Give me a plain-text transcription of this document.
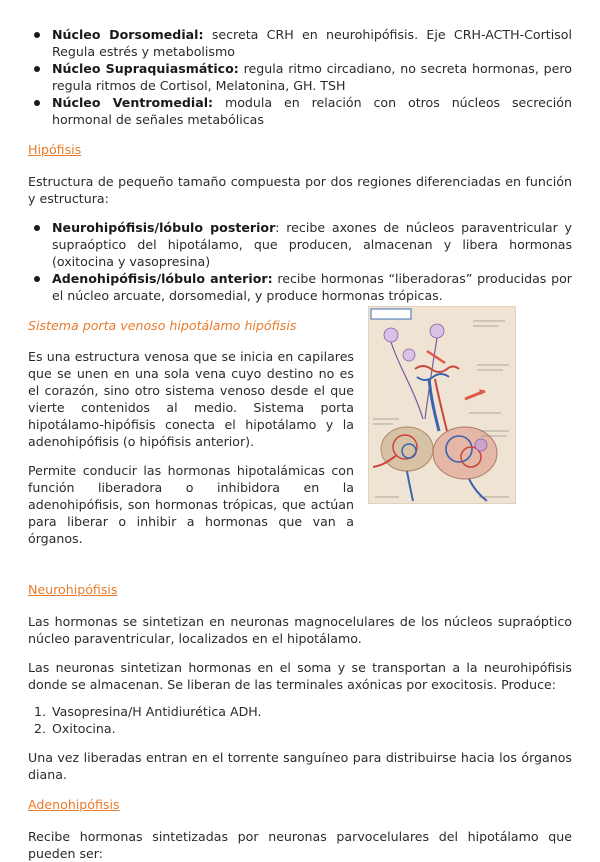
Núcleo Dorsomedial: secreta CRH en neurohipófisis. Eje CRH-ACTH-Cortisol Regula estrés y metabolismo
Núcleo Supraquiasmático: regula ritmo circadiano, no secreta hormonas, pero regula ritmos de Cortisol, Melatonina, GH. TSH
Núcleo Ventromedial: modula en relación con otros núcleos secreción hormonal de señales metabólicas

Hipófisis

Estructura de pequeño tamaño compuesta por dos regiones diferenciadas en función y estructura:

Neurohipófisis/lóbulo posterior: recibe axones de núcleos paraventricular y supraóptico del hipotálamo, que producen, almacenan y libera hormonas (oxitocina y vasopresina)
Adenohipófisis/lóbulo anterior: recibe hormonas “liberadoras” producidas por el núcleo arcuate, dorsomedial, y produce hormonas trópicas.

Sistema porta venoso hipotálamo hipófisis

Es una estructura venosa que se inicia en capilares que se unen en una sola vena cuyo destino no es el corazón, sino otro sistema venoso desde el que vierte contenidos al medio. Sistema porta hipotálamo-hipófisis conecta el hipotálamo y la adenohipófisis (o hipófisis anterior).

Permite conducir las hormonas hipotalámicas con función liberadora o inhibidora en la adenohipófisis, son hormonas trópicas, que actúan para liberar o inhibir a hormonas que van a órganos.

Neurohipófisis

Las hormonas se sintetizan en neuronas magnocelulares de los núcleos supraóptico núcleo paraventricular, localizados en el hipotálamo.

Las neuronas sintetizan hormonas en el soma y se transportan a la neurohipófisis donde se almacenan. Se liberan de las terminales axónicas por exocitosis. Produce:

1. Vasopresina/H Antidiurética ADH.
2. Oxitocina.

Una vez liberadas entran en el torrente sanguíneo para distribuirse hacia los órganos diana.

Adenohipófisis

Recibe hormonas sintetizadas por neuronas parvocelulares del hipotálamo que pueden ser:
